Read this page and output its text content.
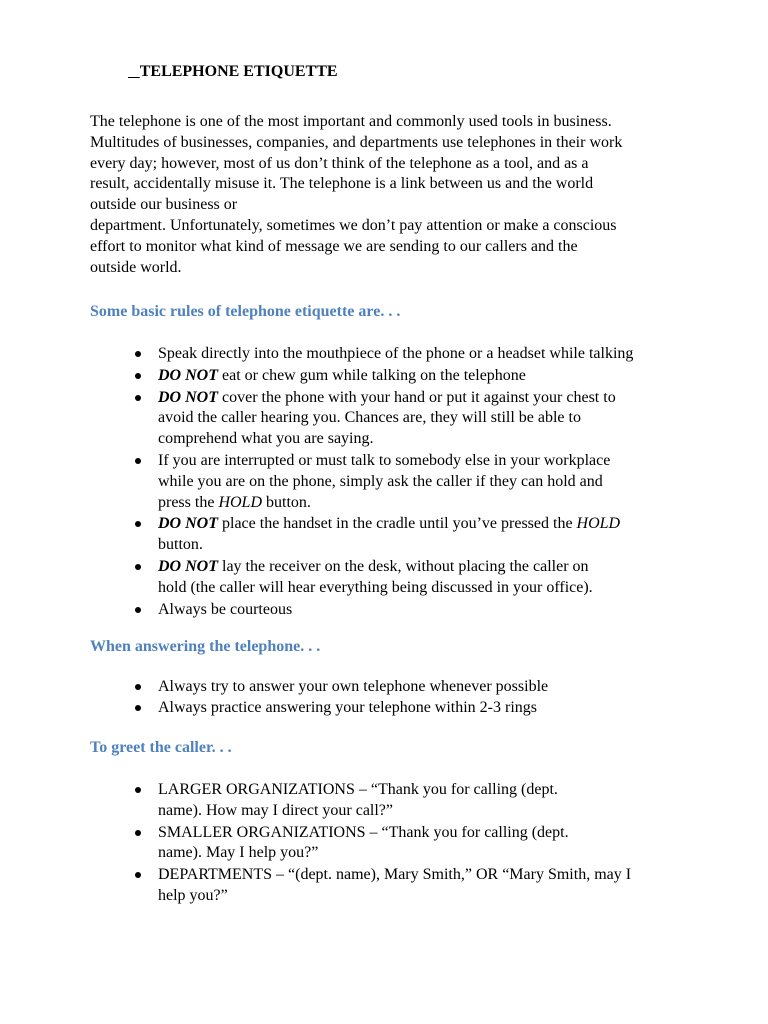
TELEPHONE ETIQUETTE

The telephone is one of the most important and commonly used tools in business.
Multitudes of businesses, companies, and departments use telephones in their work
every day; however, most of us don’t think of the telephone as a tool, and as a
result, accidentally misuse it. The telephone is a link between us and the world
outside our business or
department. Unfortunately, sometimes we don’t pay attention or make a conscious
effort to monitor what kind of message we are sending to our callers and the
outside world.

Some basic rules of telephone etiquette are. . .
Speak directly into the mouthpiece of the phone or a headset while talking
DO NOT eat or chew gum while talking on the telephone
DO NOT cover the phone with your hand or put it against your chest to
avoid the caller hearing you. Chances are, they will still be able to
comprehend what you are saying.
If you are interrupted or must talk to somebody else in your workplace
while you are on the phone, simply ask the caller if they can hold and
press the HOLD button.
DO NOT place the handset in the cradle until you’ve pressed the HOLD
button.
DO NOT lay the receiver on the desk, without placing the caller on
hold (the caller will hear everything being discussed in your office).
Always be courteous
When answering the telephone. . .
Always try to answer your own telephone whenever possible
Always practice answering your telephone within 2-3 rings
To greet the caller. . .
LARGER ORGANIZATIONS – “Thank you for calling (dept.
name). How may I direct your call?”
SMALLER ORGANIZATIONS – “Thank you for calling (dept.
name). May I help you?”
DEPARTMENTS – “(dept. name), Mary Smith,” OR “Mary Smith, may I
help you?”
